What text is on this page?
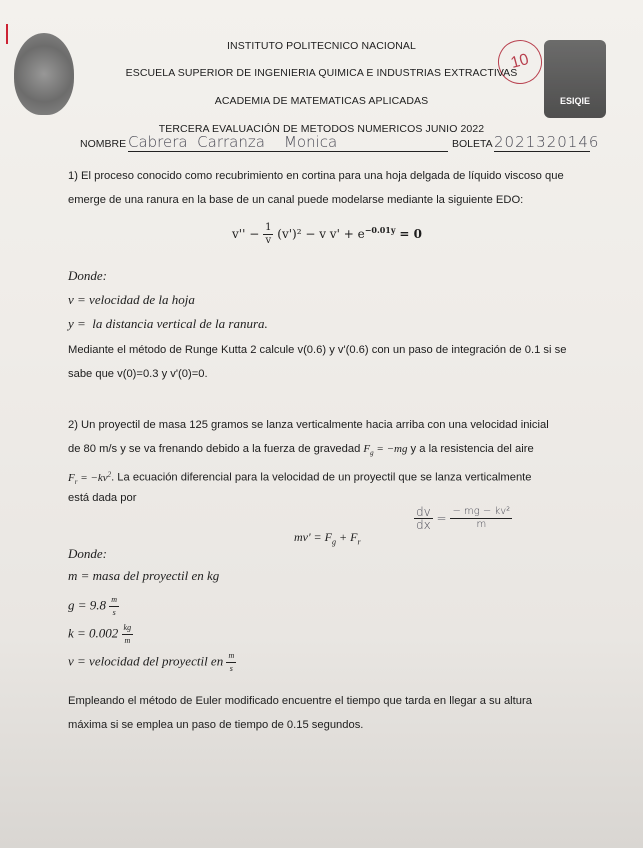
ESIQIE
10
INSTITUTO POLITECNICO NACIONAL
ESCUELA SUPERIOR DE INGENIERIA QUIMICA E INDUSTRIAS EXTRACTIVAS
ACADEMIA DE MATEMATICAS APLICADAS
TERCERA EVALUACIÓN DE METODOS NUMERICOS JUNIO 2022
NOMBRE Cabrera  Carranza    Monica	BOLETA 2021320146
1) El proceso conocido como recubrimiento en cortina para una hoja delgada de líquido viscoso que emerge de una ranura en la base de un canal puede modelarse mediante la siguiente EDO:
$v'' - \frac{1}{v} (v')^2 - v$ $v' + e^{-0.01y} = 0$
Donde:
v = velocidad de la hoja
y =  la distancia vertical de la ranura.
Mediante el método de Runge Kutta 2 calcule v(0.6) y v'(0.6) con un paso de integración de 0.1 si se sabe que v(0)=0.3 y v'(0)=0.
2) Un proyectil de masa 125 gramos se lanza verticalmente hacia arriba con una velocidad inicial
de 80 m/s y se va frenando debido a la fuerza de gravedad $F_g = -mg$ y a la resistencia del aire
$F_r = -kv^2$. La ecuación diferencial para la velocidad de un proyectil que se lanza verticalmente
está dada por
$mv' = F_g + F_r$
$\frac{dv}{dx} = \frac{\text{− mg − kv²}}{m}$
Donde:
m = masa del proyectil en kg
$g = 9.8 \frac{m}{s}$
$k = 0.002 \frac{kg}{m}$
v = velocidad del proyectil en $\frac{m}{s}$
Empleando el método de Euler modificado encuentre el tiempo que tarda en llegar a su altura
máxima si se emplea un paso de tiempo de 0.15 segundos.
